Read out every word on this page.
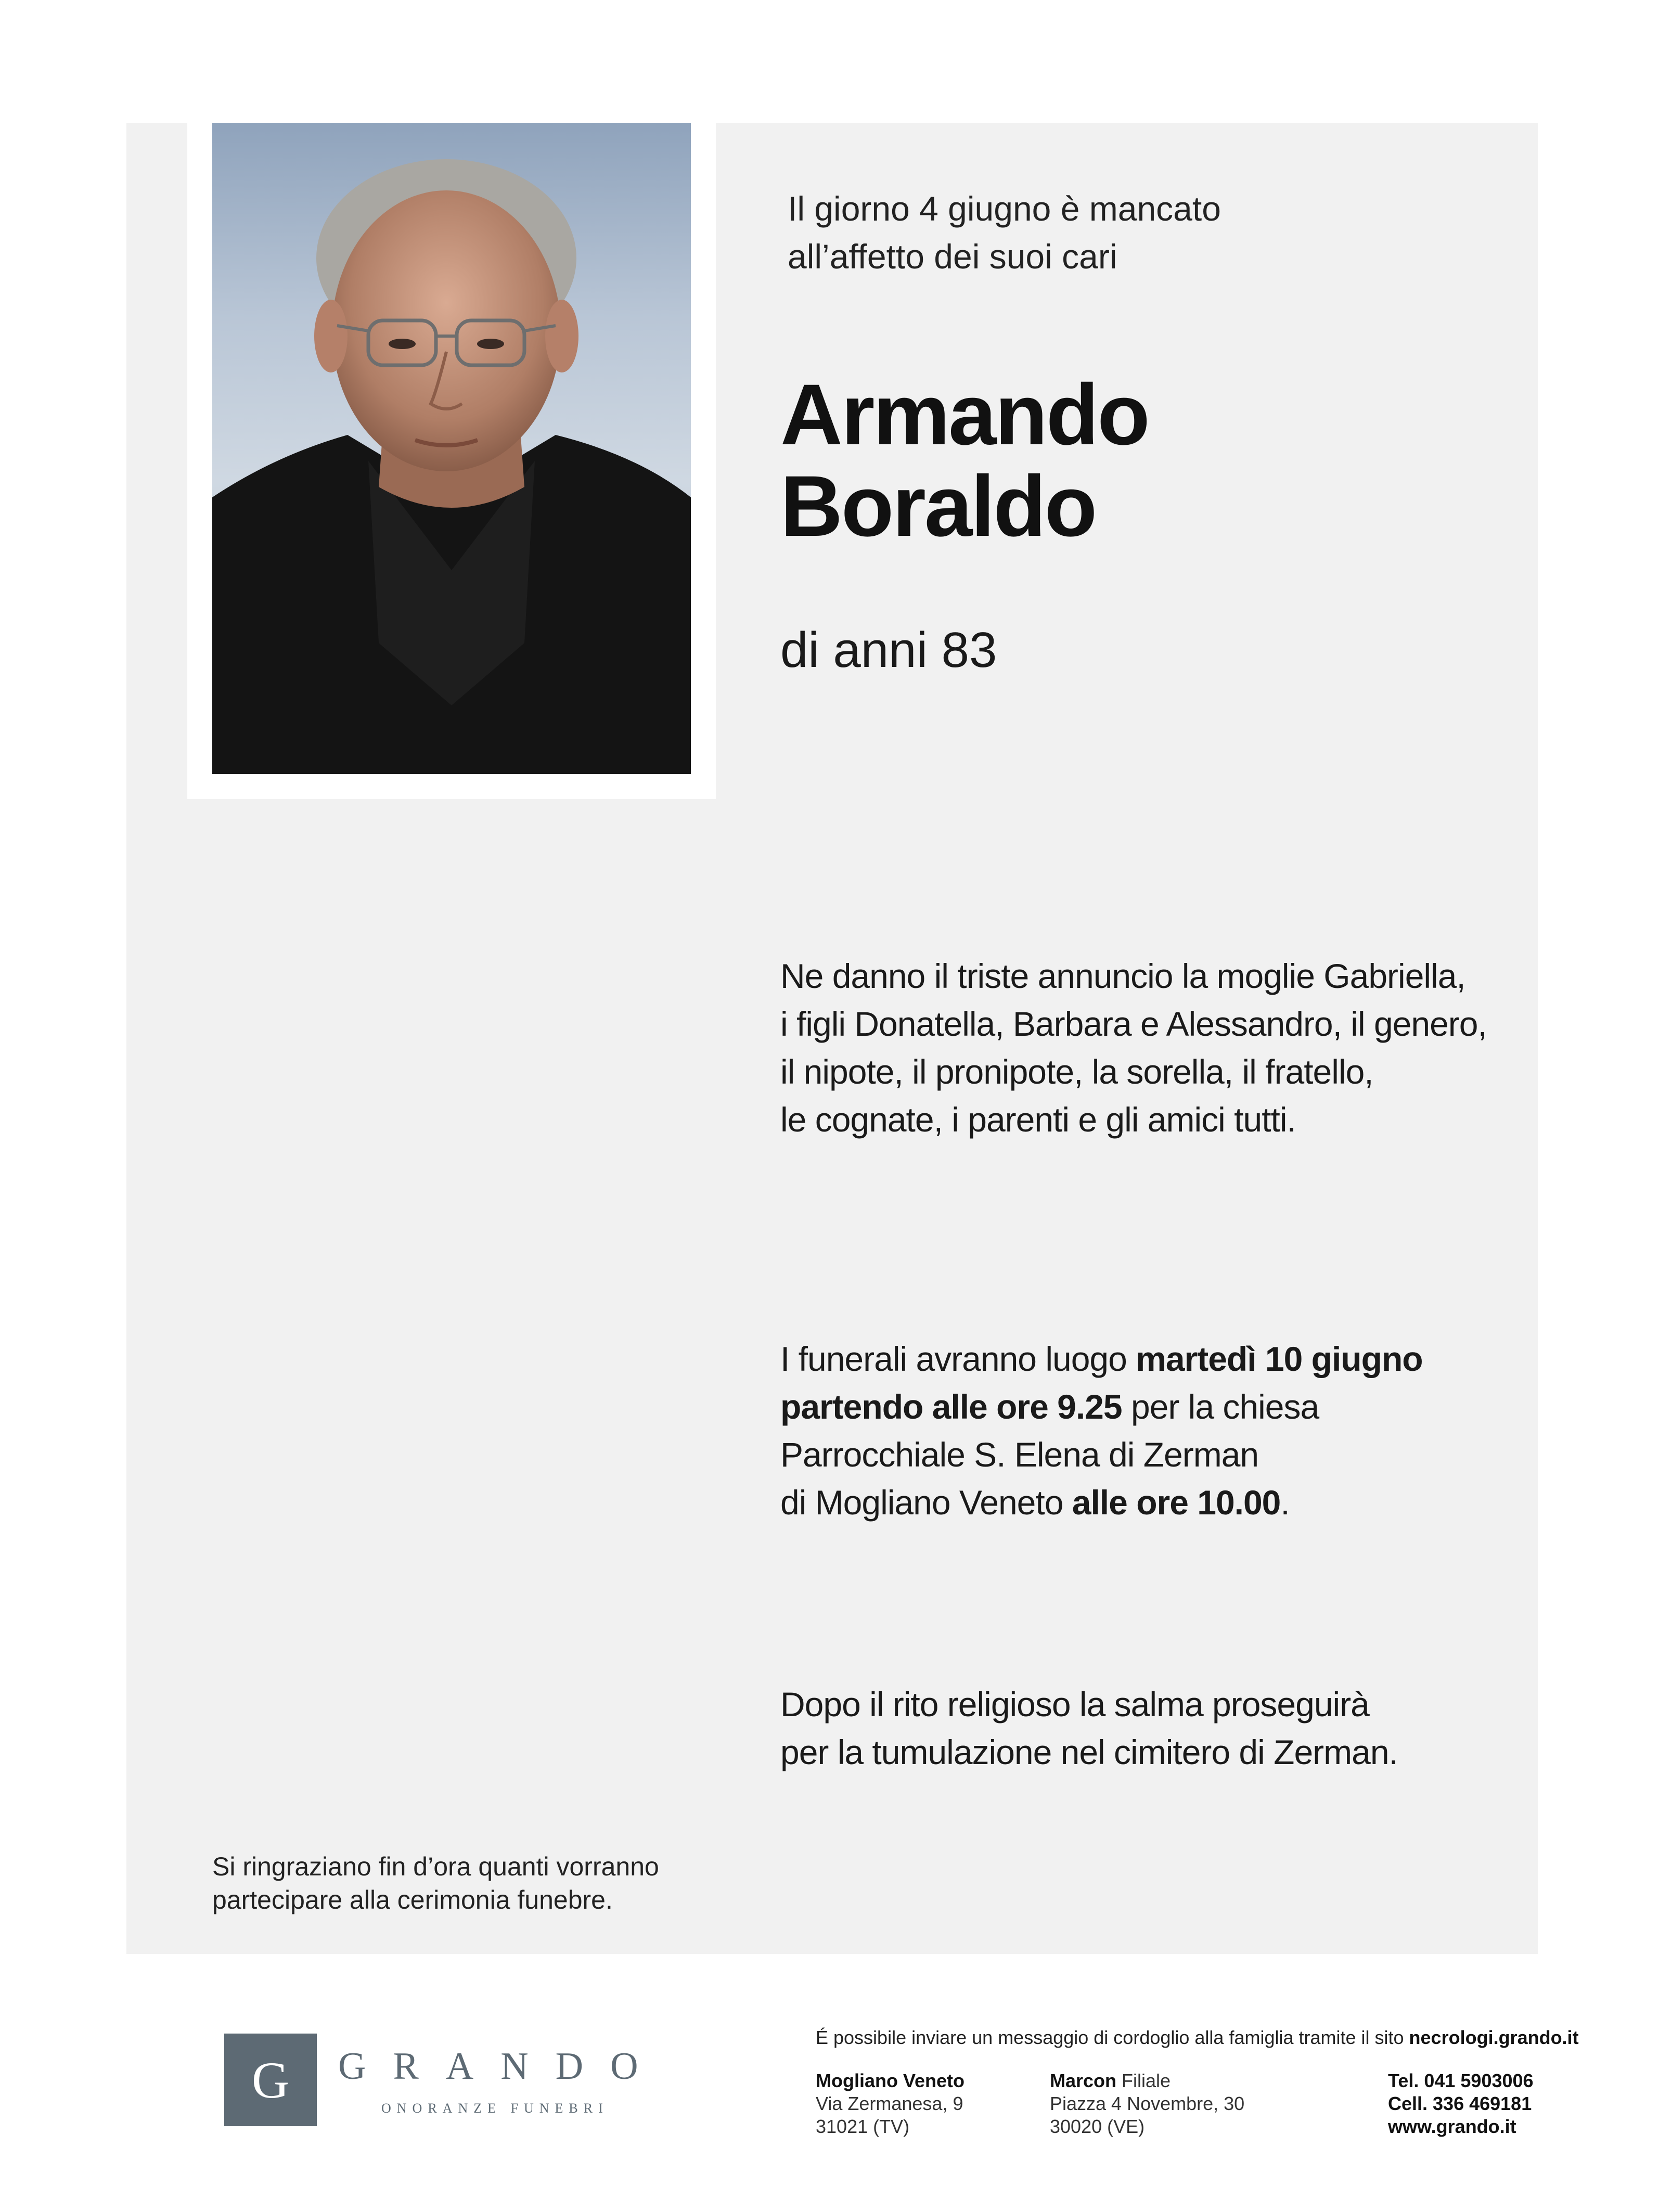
Il giorno 4 giugno è mancato
all’affetto dei suoi cari

Armando
Boraldo

di anni 83

Ne danno il triste annuncio la moglie Gabriella,
i figli Donatella, Barbara e Alessandro, il genero,
il nipote, il pronipote, la sorella, il fratello,
le cognate, i parenti e gli amici tutti.

I funerali avranno luogo martedì 10 giugno
partendo alle ore 9.25 per la chiesa
Parrocchiale S. Elena di Zerman
di Mogliano Veneto alle ore 10.00.

Dopo il rito religioso la salma proseguirà
per la tumulazione nel cimitero di Zerman.

Si ringraziano fin d’ora quanti vorranno
partecipare alla cerimonia funebre.

G GRANDO

ONORANZE FUNEBRI

É possibile inviare un messaggio di cordoglio alla famiglia tramite il sito necrologi.grando.it

Mogliano Veneto
Via Zermanesa, 9
31021 (TV)
Marcon Filiale
Piazza 4 Novembre, 30
30020 (VE)
Tel. 041 5903006
Cell. 336 469181
www.grando.it
